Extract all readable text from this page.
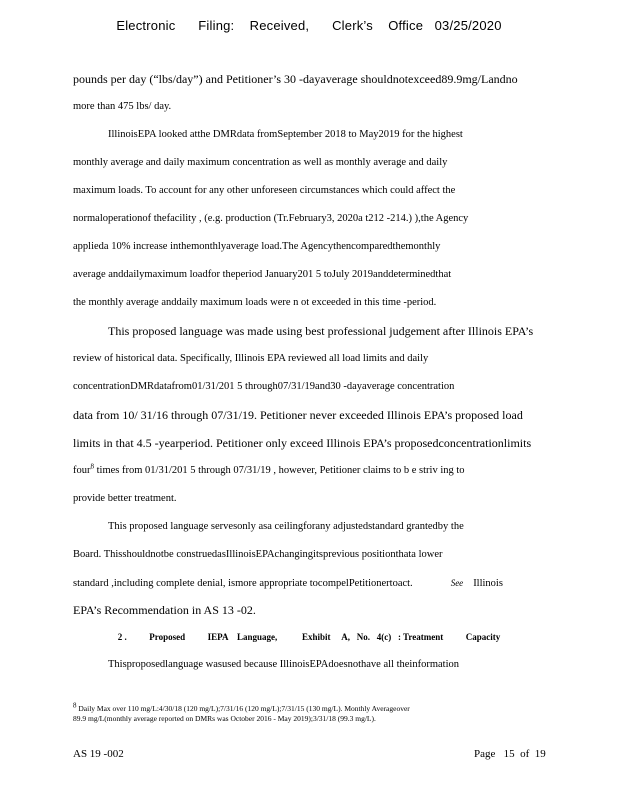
Electronic      Filing:    Received,      Clerk’s    Office   03/25/2020
pounds per day (“lbs/day”) and Petitioner’s 30 -dayaverage shouldnotexceed89.9mg/Landno
more than 475 lbs/ day.
IllinoisEPA looked atthe DMRdata fromSeptember 2018 to May2019 for the highest
monthly average and daily maximum concentration as well as monthly average and daily
maximum loads. To account for any other unforeseen circumstances which could affect the
normaloperationof thefacility , (e.g. production (Tr.February3, 2020a t212 -214.) ),the Agency
applieda 10% increase inthemonthlyaverage load.The Agencythencomparedthemonthly
average anddailymaximum loadfor theperiod January201 5 toJuly 2019anddeterminedthat
the monthly average anddaily maximum loads were n ot exceeded in this time -period.
This proposed language was made using best professional judgement after Illinois EPA’s
review of historical data. Specifically, Illinois EPA reviewed all load limits and daily
concentrationDMRdatafrom01/31/201 5 through07/31/19and30 -dayaverage concentration
data from 10/ 31/16 through 07/31/19. Petitioner never exceeded Illinois EPA’s proposed load
limits in that 4.5 -yearperiod. Petitioner only exceed Illinois EPA’s proposedconcentrationlimits
four$^8$ times from 01/31/201 5 through 07/31/19 , however, Petitioner claims to b e striv ing to
provide better treatment.
This proposed language servesonly asa ceilingforany adjustedstandard grantedby the
Board. Thisshouldnotbe construedasIllinoisEPAchangingitsprevious positionthata lower
standard ,including complete denial, ismore appropriate tocompelPetitionertoact.	See Illinois
EPA’s Recommendation in AS 13 -02.
2 .          Proposed          IEPA    Language,           Exhibit     A,   No.   4(c)   : Treatment          Capacity
Thisproposedlanguage wasused because IllinoisEPAdoesnothave all theinformation
$^8$ Daily Max over 110 mg/L:4/30/18 (120 mg/L);7/31/16 (120 mg/L);7/31/15 (130 mg/L). Monthly Averageover
89.9 mg/L(monthly average reported on DMRs was October 2016 - May 2019);3/31/18 (99.3 mg/L).
AS 19 -002	Page   15  of  19
